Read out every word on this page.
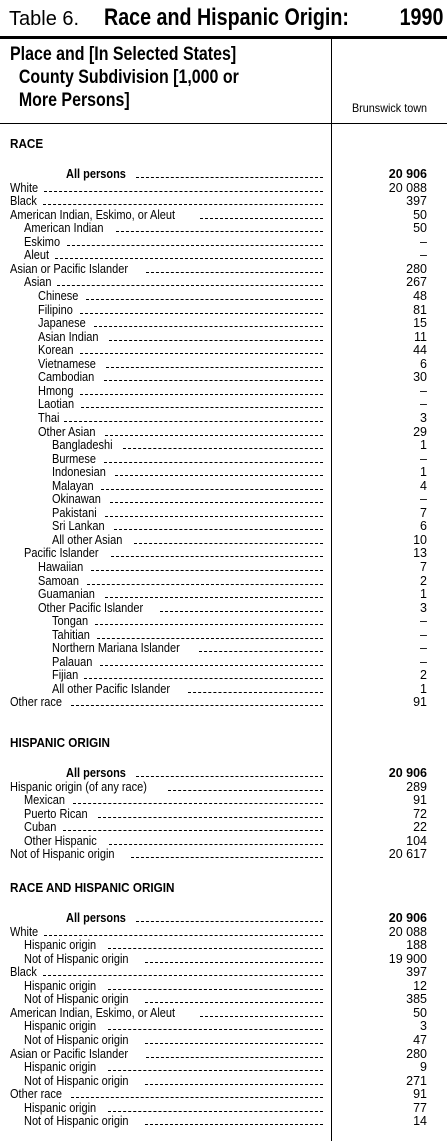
Table 6. Race and Hispanic Origin: 1990
Place and [In Selected States]
County Subdivision [1,000 or
More Persons]	Brunswick town
RACE
All persons	20 906
White	20 088
Black	397
American Indian, Eskimo, or Aleut	50
American Indian	50
Eskimo	–
Aleut	–
Asian or Pacific Islander	280
Asian	267
Chinese	48
Filipino	81
Japanese	15
Asian Indian	11
Korean	44
Vietnamese	6
Cambodian	30
Hmong	–
Laotian	–
Thai	3
Other Asian	29
Bangladeshi	1
Burmese	–
Indonesian	1
Malayan	4
Okinawan	–
Pakistani	7
Sri Lankan	6
All other Asian	10
Pacific Islander	13
Hawaiian	7
Samoan	2
Guamanian	1
Other Pacific Islander	3
Tongan	–
Tahitian	–
Northern Mariana Islander	–
Palauan	–
Fijian	2
All other Pacific Islander	1
Other race	91
HISPANIC ORIGIN
All persons	20 906
Hispanic origin (of any race)	289
Mexican	91
Puerto Rican	72
Cuban	22
Other Hispanic	104
Not of Hispanic origin	20 617
RACE AND HISPANIC ORIGIN
All persons	20 906
White	20 088
Hispanic origin	188
Not of Hispanic origin	19 900
Black	397
Hispanic origin	12
Not of Hispanic origin	385
American Indian, Eskimo, or Aleut	50
Hispanic origin	3
Not of Hispanic origin	47
Asian or Pacific Islander	280
Hispanic origin	9
Not of Hispanic origin	271
Other race	91
Hispanic origin	77
Not of Hispanic origin	14
